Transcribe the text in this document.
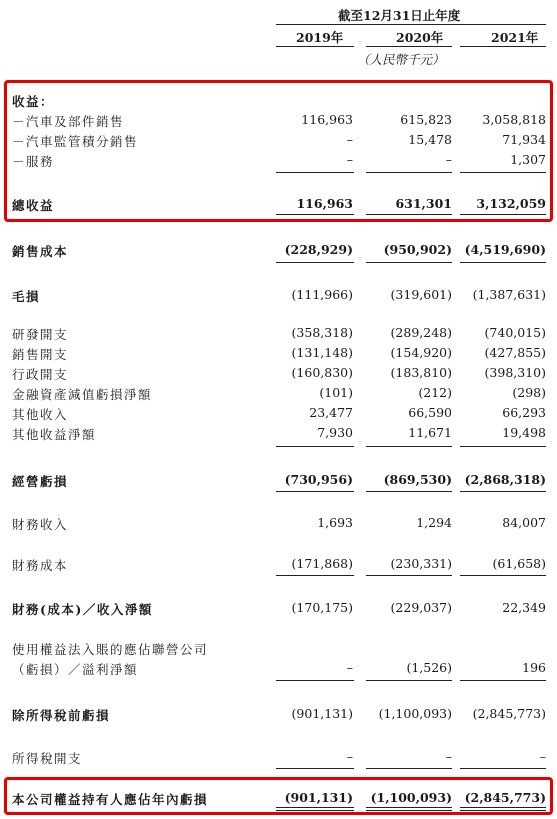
截至12月31日止年度
2019年	2020年	2021年
（人民幣千元）
收益：
－汽車及部件銷售	116,963	615,823	3,058,818
－汽車監管積分銷售	–	15,478	71,934
－服務	–	–	1,307
總收益	116,963	631,301	3,132,059
銷售成本	(228,929)	(950,902)	(4,519,690)
毛損	(111,966)	(319,601)	(1,387,631)
研發開支	(358,318)	(289,248)	(740,015)
銷售開支	(131,148)	(154,920)	(427,855)
行政開支	(160,830)	(183,810)	(398,310)
金融資產減值虧損淨額	(101)	(212)	(298)
其他收入	23,477	66,590	66,293
其他收益淨額	7,930	11,671	19,498
經營虧損	(730,956)	(869,530)	(2,868,318)
財務收入	1,693	1,294	84,007
財務成本	(171,868)	(230,331)	(61,658)
財務(成本)／收入淨額	(170,175)	(229,037)	22,349
使用權益法入賬的應佔聯營公司
（虧損）／溢利淨額	–	(1,526)	196
除所得稅前虧損	(901,131)	(1,100,093)	(2,845,773)
所得稅開支	–	–	–
本公司權益持有人應佔年內虧損	(901,131)	(1,100,093)	(2,845,773)
